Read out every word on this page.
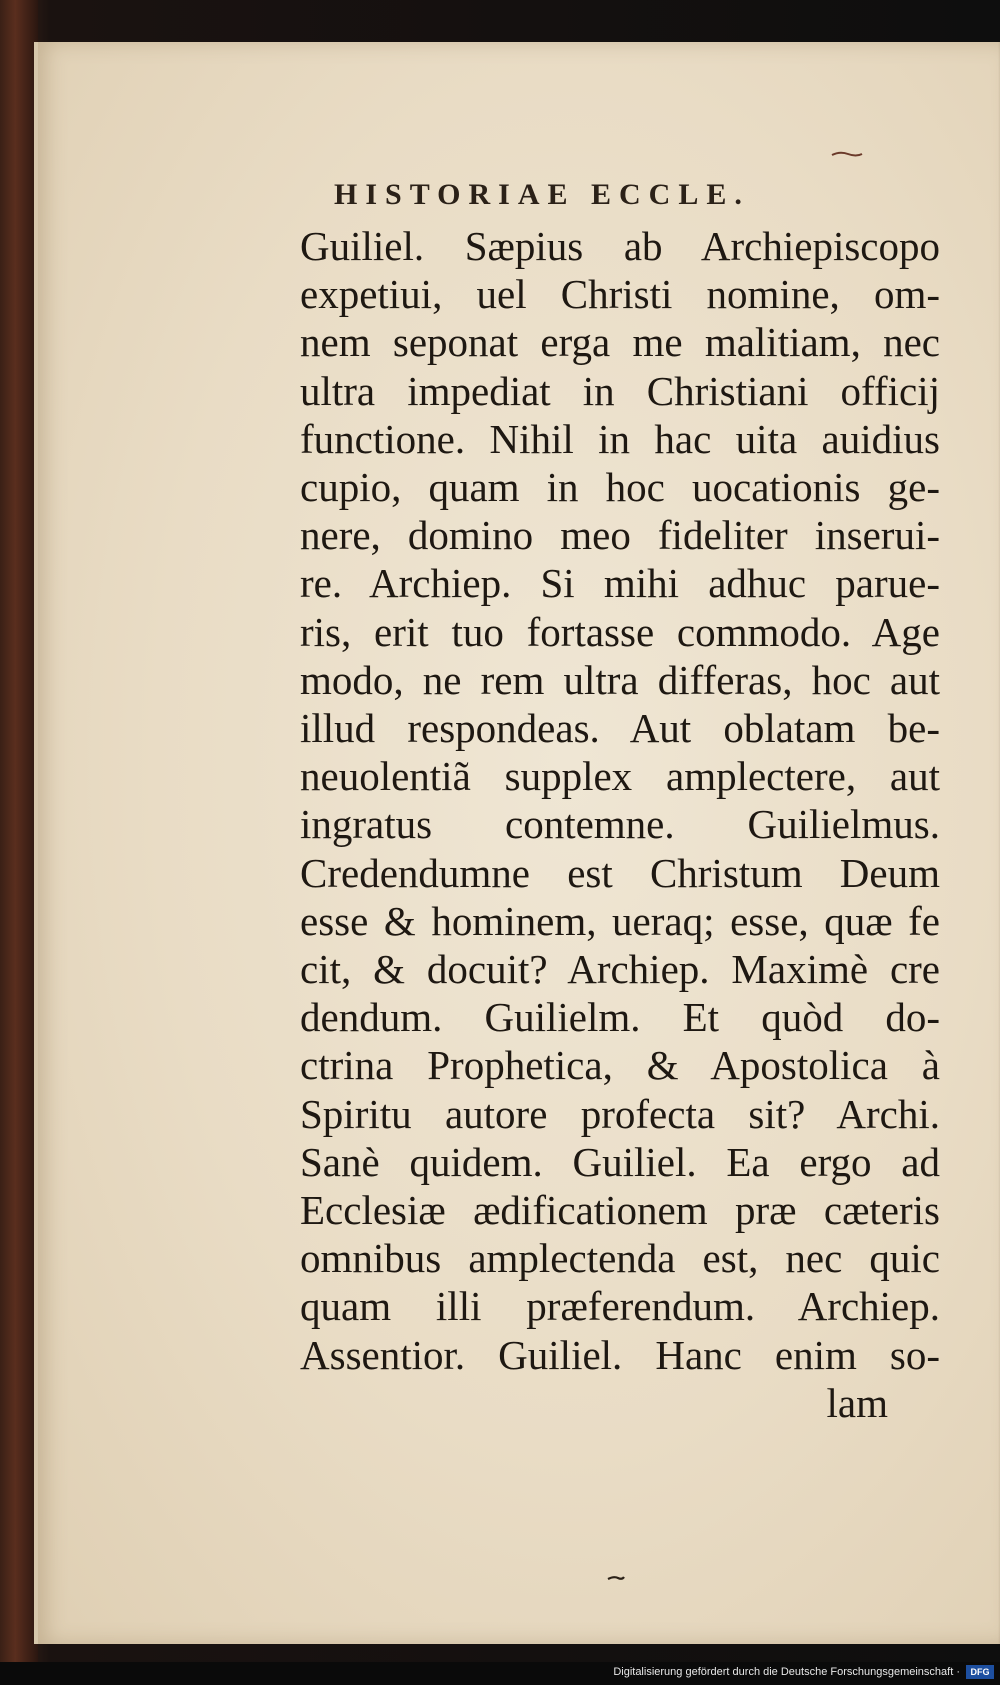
HISTORIAE ECCLE.
Guiliel. Sæpius ab Archiepiscopo
expetiui, uel Christi nomine, om-
nem seponat erga me malitiam, nec
ultra impediat in Christiani officij
functione. Nihil in hac uita auidius
cupio, quam in hoc uocationis ge-
nere, domino meo fideliter inserui-
re. Archiep. Si mihi adhuc parue-
ris, erit tuo fortasse commodo. Age
modo, ne rem ultra differas, hoc aut
illud respondeas. Aut oblatam be-
neuolentiã supplex amplectere, aut
ingratus contemne. Guilielmus.
Credendumne est Christum Deum
esse & hominem, ueraq; esse, quæ fe
cit, & docuit? Archiep. Maximè cre
dendum. Guilielm. Et quòd do-
ctrina Prophetica, & Apostolica à
Spiritu autore profecta sit? Archi.
Sanè quidem. Guiliel. Ea ergo ad
Ecclesiæ ædificationem præ cæteris
omnibus amplectenda est, nec quic
quam illi præferendum. Archiep.
Assentior. Guiliel. Hanc enim so-
lam
Digitalisierung gefördert durch die Deutsche Forschungsgemeinschaft ·	DFG
